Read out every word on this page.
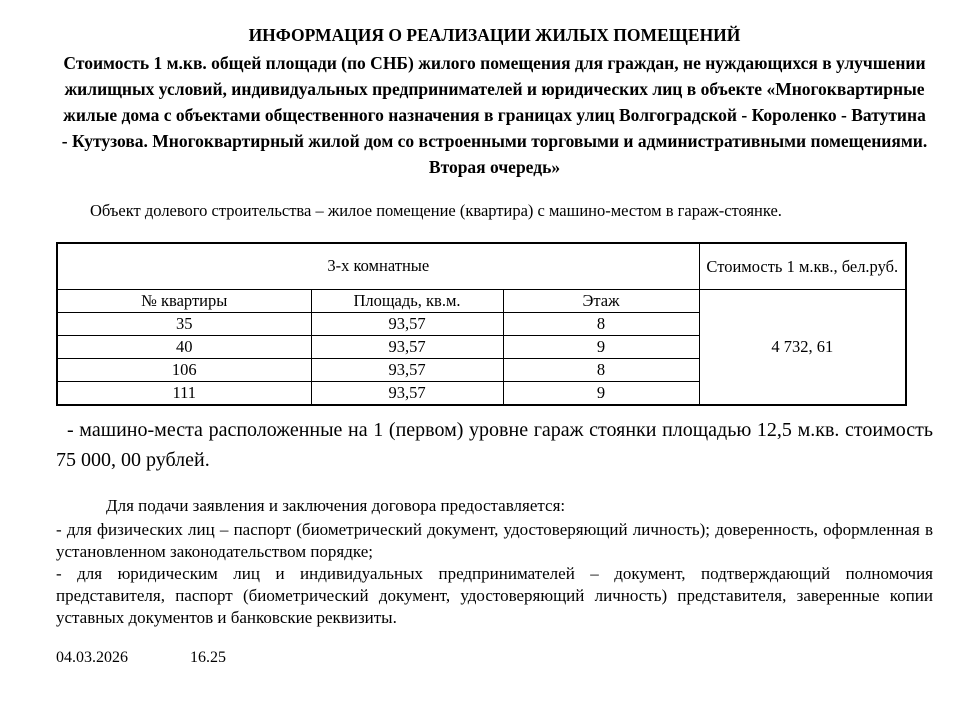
ИНФОРМАЦИЯ О РЕАЛИЗАЦИИ ЖИЛЫХ ПОМЕЩЕНИЙ

Стоимость 1 м.кв. общей площади (по СНБ) жилого помещения для граждан, не нуждающихся в улучшении жилищных условий, индивидуальных предпринимателей и юридических лиц в объекте «Многоквартирные жилые дома с объектами общественного назначения в границах улиц Волгоградской - Короленко - Ватутина - Кутузова. Многоквартирный жилой дом со встроенными торговыми и административными помещениями. Вторая очередь»

Объект долевого строительства – жилое помещение (квартира) с машино-местом в гараж-стоянке.

3-х комнатные			Стоимость 1 м.кв., бел.руб.
№ квартиры	Площадь, кв.м.	Этаж	4 732, 61
35	93,57	8	
40	93,57	9	
106	93,57	8	
111	93,57	9	

- машино-места расположенные на 1 (первом) уровне гараж стоянки площадью 12,5 м.кв. стоимость 75 000, 00 рублей.

Для подачи заявления и заключения договора предоставляется:

- для физических лиц – паспорт (биометрический документ, удостоверяющий личность); доверенность, оформленная в установленном законодательством порядке;

- для юридическим лиц и индивидуальных предпринимателей – документ, подтверждающий полномочия представителя, паспорт (биометрический документ, удостоверяющий личность) представителя, заверенные копии уставных документов и банковские реквизиты.

04.03.2026	16.25
